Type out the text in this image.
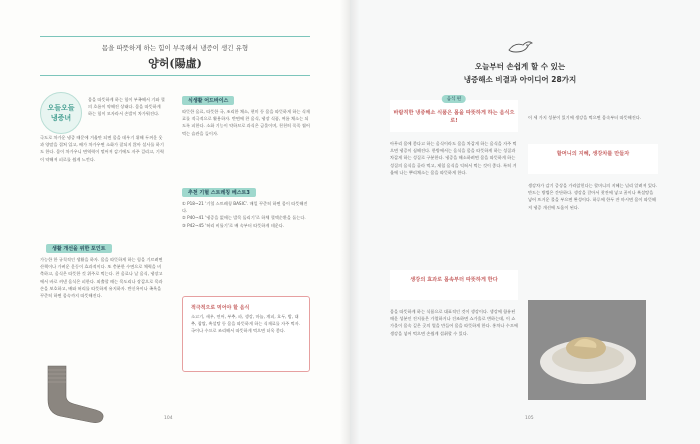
몸을 따뜻하게 하는 힘이 부족해서 냉증이 생긴 유형
양허(陽虛)
오들오들
냉증녀

몸을 따뜻하게 하는 힘이 부족해서 기와 혈의 흐름이 약해진 상태다. 몸을 따뜻하게 하는 힘이 모자라서 손발이 차가워진다.

극도로 차가운 냉증 때문에 겨울만 되면 몸을 데우기 위해 두꺼운 옷과 양말을 겹쳐 입고, 배가 차가우면 소화가 잘되지 않아 설사를 하기도 한다. 몸이 차가우니 면역력이 떨어져 감기에도 자주 걸리고, 기력이 약해져 피로를 쉽게 느낀다.

생활 개선을 위한 포인트

가능한 한 규칙적인 생활을 하자. 몸을 따뜻하게 하는 힘을 기르려면 산책이나 가벼운 운동이 효과적이다. 또 충분한 수면으로 체력을 비축하고, 음식은 따뜻한 것 위주로 먹는다. 찬 음료나 날 음식, 냉장고에서 바로 꺼낸 음식은 피한다. 외출할 때는 목도리나 장갑으로 목과 손을 보호하고, 배와 허리를 따뜻하게 유지하자. 반신욕이나 족욕을 꾸준히 하면 몸속까지 따뜻해진다.

식생활 어드바이스

따뜻한 음료, 따뜻한 국, 조리한 채소, 현미 등 몸을 따뜻하게 하는 식재료를 적극적으로 활용하자. 반면에 찬 음식, 냉장 식품, 여름 채소는 되도록 피한다. 소화 기능이 약하므로 과식은 금물이며, 천천히 꼭꼭 씹어 먹는 습관을 들이자.

추천 기혈 스트레칭 베스트3

① P18~21 '기혈 스트레칭 BASIC'. 매일 꾸준히 하면 몸이 따뜻해진다.

② P40~41 '냉증을 없애는 발목 돌리기'로 하체 혈액순환을 돕는다.

③ P42~45 '허리 비틀기'로 배 속부터 따뜻하게 데운다.

적극적으로 먹어야 할 음식

소고기, 새우, 연어, 부추, 파, 생강, 마늘, 계피, 호두, 밤, 대추, 찹쌀, 흑설탕 등 몸을 따뜻하게 하는 식재료를 자주 먹자. 국이나 수프로 조리해서 따뜻하게 먹으면 더욱 좋다.

104
오늘부터 손쉽게 할 수 있는
냉증해소 비결과 아이디어 28가지
음식 편
바람직한 냉증해소 식품은 몸을 따뜻하게 하는 음식으로!

아무리 몸에 좋다고 하는 음식이라도 몸을 차갑게 하는 음식을 자주 먹으면 냉증이 심해진다. 한방에서는 음식을 몸을 따뜻하게 하는 성질과 차갑게 하는 성질로 구분한다. 냉증을 해소하려면 몸을 따뜻하게 하는 성질의 음식을 골라 먹고, 제철 음식을 익혀서 먹는 것이 좋다. 특히 겨울에 나는 뿌리채소는 몸을 따뜻하게 한다.

생강의 효과로 몸속부터 따뜻하게 한다

몸을 따뜻하게 하는 식품으로 대표적인 것이 생강이다. 생강에 함유된 매운 성분인 진저롤은 가열하거나 건조하면 쇼가올로 변하는데, 이 쇼가올이 몸속 깊은 곳의 열을 만들어 몸을 따뜻하게 한다. 홍차나 수프에 생강을 넣어 먹으면 손쉽게 섭취할 수 있다.

이 세 가지 성분이 있기에 생강을 먹으면 몸속부터 따뜻해진다.

할머니의 지혜, 생강차를 만들자

생강차가 감기 증상을 가라앉힌다는 할머니의 지혜는 널리 알려져 있다. 만드는 방법은 간단하다. 생강을 갈아서 찻잔에 넣고 꿀이나 흑설탕을 넣어 뜨거운 물을 부으면 완성이다. 하루에 한두 잔 마시면 몸이 따뜻해져 냉증 개선에 도움이 된다.

105
